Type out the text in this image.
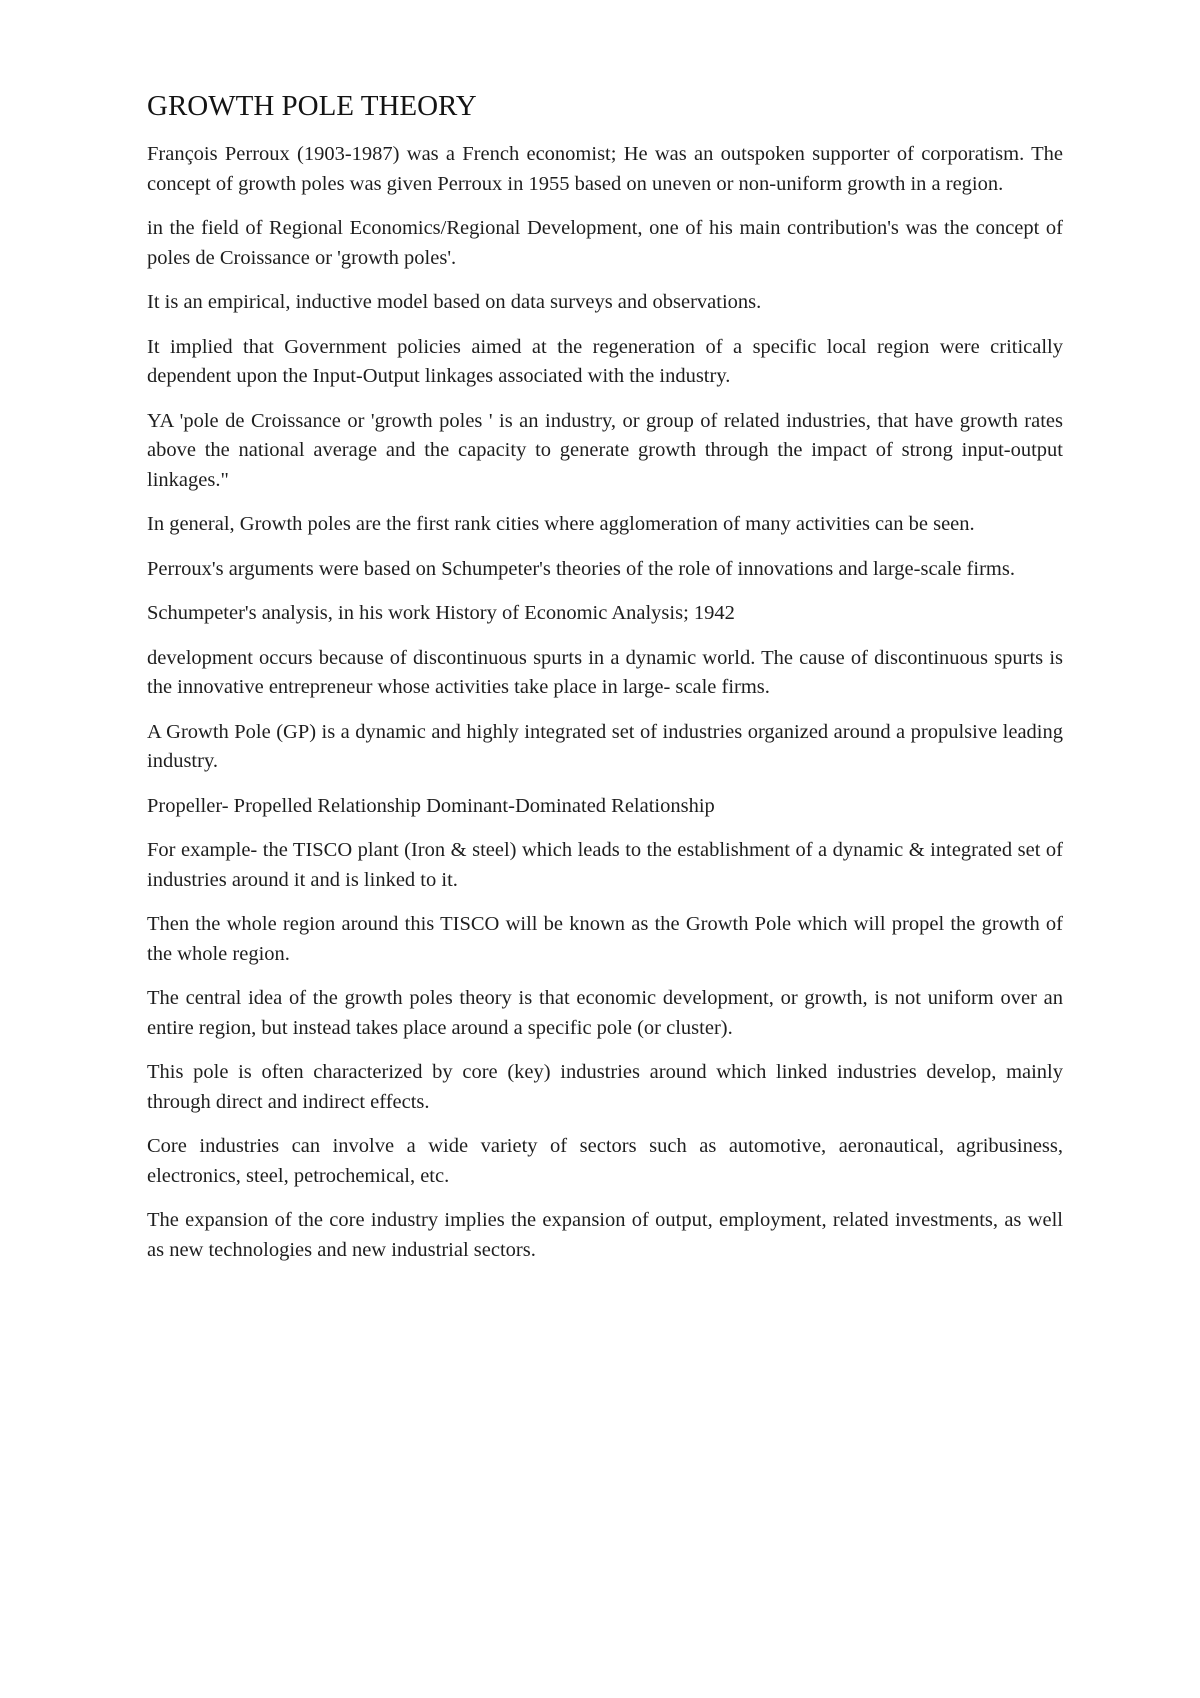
GROWTH POLE THEORY

François Perroux (1903-1987) was a French economist; He was an outspoken supporter of corporatism. The concept of growth poles was given Perroux in 1955 based on uneven or non-uniform growth in a region.

in the field of Regional Economics/Regional Development, one of his main contribution's was the concept of poles de Croissance or 'growth poles'.

It is an empirical, inductive model based on data surveys and observations.

It implied that Government policies aimed at the regeneration of a specific local region were critically dependent upon the Input-Output linkages associated with the industry.

YA 'pole de Croissance or 'growth poles ' is an industry, or group of related industries, that have growth rates above the national average and the capacity to generate growth through the impact of strong input-output linkages."

In general, Growth poles are the first rank cities where agglomeration of many activities can be seen.

Perroux's arguments were based on Schumpeter's theories of the role of innovations and large-scale firms.

Schumpeter's analysis, in his work History of Economic Analysis; 1942

development occurs because of discontinuous spurts in a dynamic world. The cause of discontinuous spurts is the innovative entrepreneur whose activities take place in large- scale firms.

A Growth Pole (GP) is a dynamic and highly integrated set of industries organized around a propulsive leading industry.

Propeller- Propelled Relationship Dominant-Dominated Relationship

For example- the TISCO plant (Iron & steel) which leads to the establishment of a dynamic & integrated set of industries around it and is linked to it.

Then the whole region around this TISCO will be known as the Growth Pole which will propel the growth of the whole region.

The central idea of the growth poles theory is that economic development, or growth, is not uniform over an entire region, but instead takes place around a specific pole (or cluster).

This pole is often characterized by core (key) industries around which linked industries develop, mainly through direct and indirect effects.

Core industries can involve a wide variety of sectors such as automotive, aeronautical, agribusiness, electronics, steel, petrochemical, etc.

The expansion of the core industry implies the expansion of output, employment, related investments, as well as new technologies and new industrial sectors.
